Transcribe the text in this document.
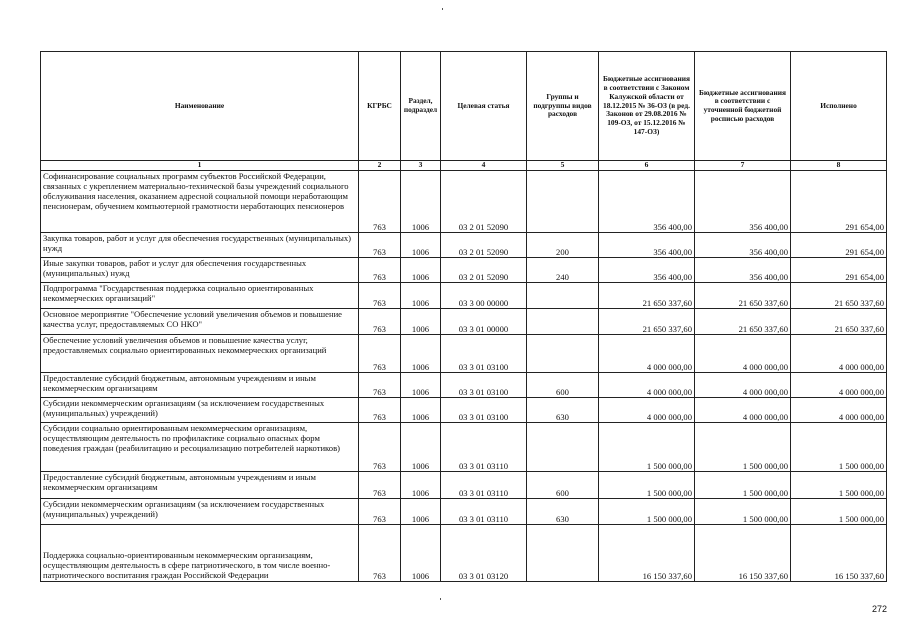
Наименование	КГРБС	Раздел, подраздел	Целевая статья	Группы и подгруппы видов расходов	Бюджетные ассигнования в соответствии с Законом Калужской области от 18.12.2015 № 36-ОЗ (в ред. Законов от 29.08.2016 № 109-ОЗ, от 15.12.2016 № 147-ОЗ)	Бюджетные ассигнования в соответствии с уточненной бюджетной росписью расходов	Исполнено
1	2	3	4	5	6	7	8
Софинансирование социальных программ субъектов Российской Федерации, связанных с укреплением материально-технической базы учреждений социального обслуживания населения, оказанием адресной социальной помощи неработающим пенсионерам, обучением компьютерной грамотности неработающих пенсионеров	763	1006	03 2 01 52090		356 400,00	356 400,00	291 654,00
Закупка товаров, работ и услуг для обеспечения государственных (муниципальных) нужд	763	1006	03 2 01 52090	200	356 400,00	356 400,00	291 654,00
Иные закупки товаров, работ и услуг для обеспечения государственных (муниципальных) нужд	763	1006	03 2 01 52090	240	356 400,00	356 400,00	291 654,00
Подпрограмма "Государственная поддержка социально ориентированных некоммерческих организаций"	763	1006	03 3 00 00000		21 650 337,60	21 650 337,60	21 650 337,60
Основное мероприятие "Обеспечение условий увеличения объемов и повышение качества услуг, предоставляемых СО НКО"	763	1006	03 3 01 00000		21 650 337,60	21 650 337,60	21 650 337,60
Обеспечение условий увеличения объемов и повышение качества услуг, предоставляемых социально ориентированных некоммерческих организаций	763	1006	03 3 01 03100		4 000 000,00	4 000 000,00	4 000 000,00
Предоставление субсидий бюджетным, автономным учреждениям и иным некоммерческим организациям	763	1006	03 3 01 03100	600	4 000 000,00	4 000 000,00	4 000 000,00
Субсидии некоммерческим организациям (за исключением государственных (муниципальных) учреждений)	763	1006	03 3 01 03100	630	4 000 000,00	4 000 000,00	4 000 000,00
Субсидии социально ориентированным некоммерческим организациям, осуществляющим деятельность по профилактике социально опасных форм поведения граждан (реабилитацию и ресоциализацию потребителей наркотиков)	763	1006	03 3 01 03110		1 500 000,00	1 500 000,00	1 500 000,00
Предоставление субсидий бюджетным, автономным учреждениям и иным некоммерческим организациям	763	1006	03 3 01 03110	600	1 500 000,00	1 500 000,00	1 500 000,00
Субсидии некоммерческим организациям (за исключением государственных (муниципальных) учреждений)	763	1006	03 3 01 03110	630	1 500 000,00	1 500 000,00	1 500 000,00
Поддержка социально-ориентированным некоммерческим организациям, осуществляющим деятельность в сфере патриотического, в том числе военно-патриотического воспитания граждан Российской Федерации	763	1006	03 3 01 03120		16 150 337,60	16 150 337,60	16 150 337,60
272
